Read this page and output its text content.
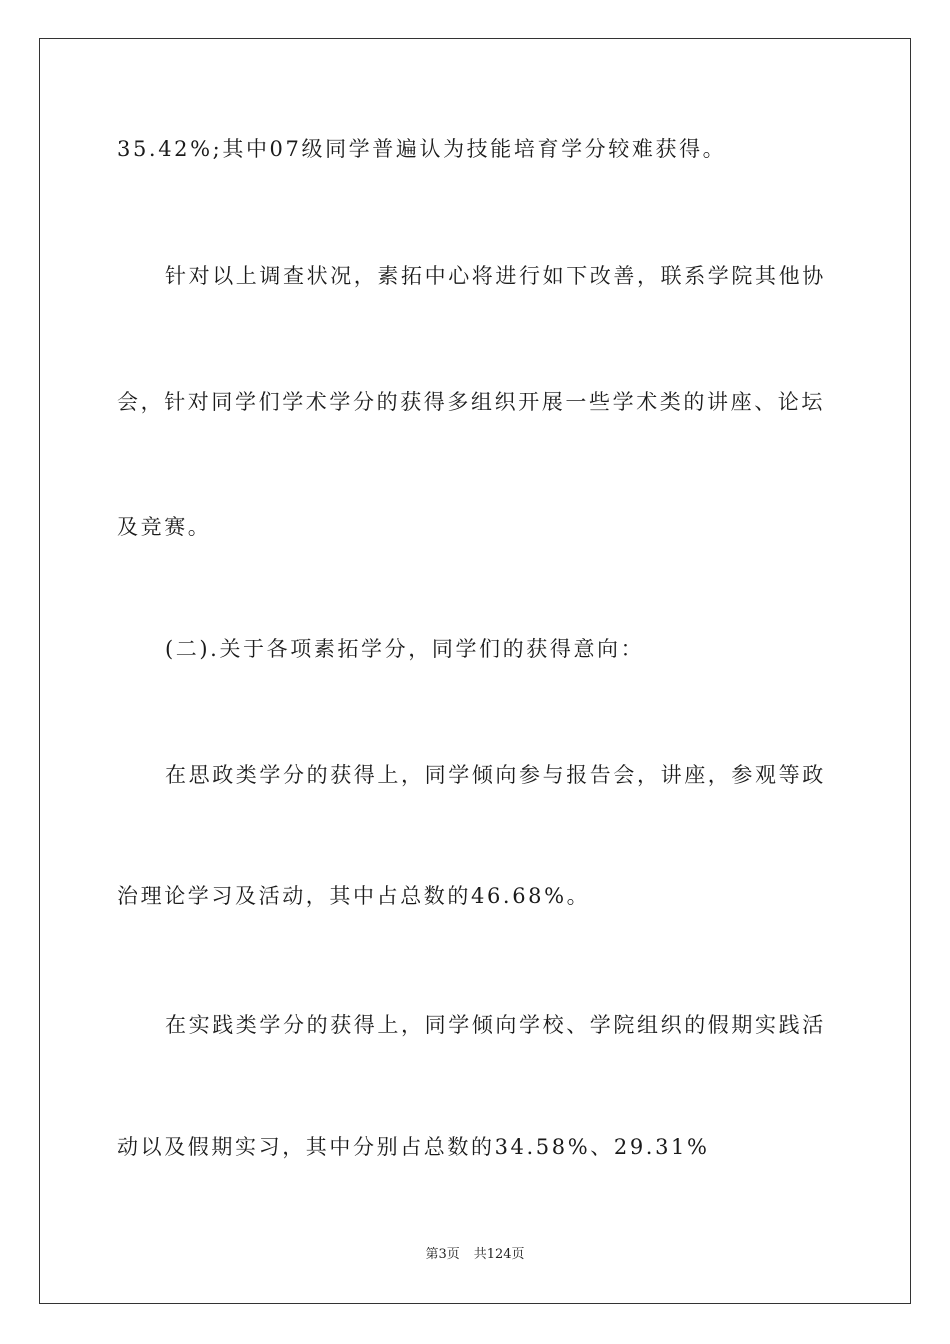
35.42%;其中07级同学普遍认为技能培育学分较难获得。
针对以上调查状况，素拓中心将进行如下改善，联系学院其他协
会，针对同学们学术学分的获得多组织开展一些学术类的讲座、论坛
及竞赛。
(二).关于各项素拓学分，同学们的获得意向：
在思政类学分的获得上，同学倾向参与报告会，讲座，参观等政
治理论学习及活动，其中占总数的46.68%。
在实践类学分的获得上，同学倾向学校、学院组织的假期实践活
动以及假期实习，其中分别占总数的34.58%、29.31%
第3页 共124页
